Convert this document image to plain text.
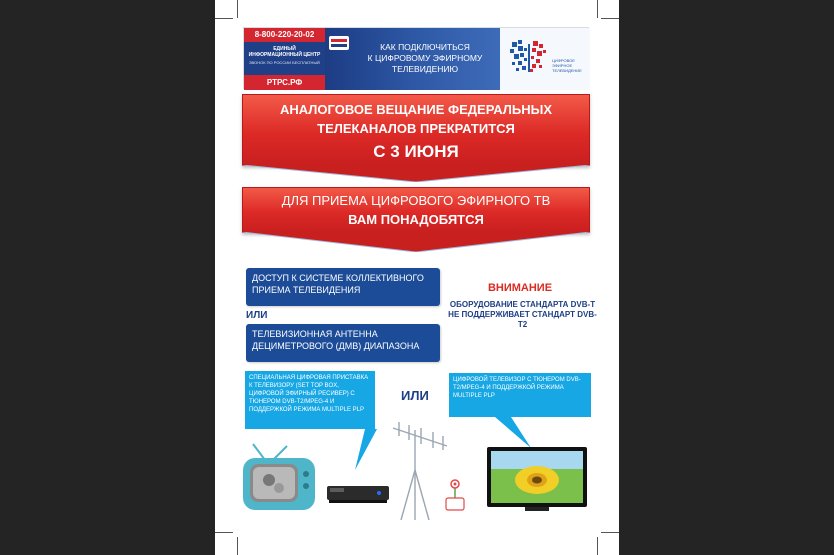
8-800-220-20-02
ЕДИНЫЙ ИНФОРМАЦИОННЫЙ ЦЕНТР
ЗВОНОК ПО РОССИИ БЕСПЛАТНЫЙ
РТРС.РФ
КАК ПОДКЛЮЧИТЬСЯ
К ЦИФРОВОМУ ЭФИРНОМУ
ТЕЛЕВИДЕНИЮ
ЦИФРОВОЕ
ЭФИРНОЕ
ТЕЛЕВИДЕНИЕ
АНАЛОГОВОЕ ВЕЩАНИЕ ФЕДЕРАЛЬНЫХ
ТЕЛЕКАНАЛОВ ПРЕКРАТИТСЯ
С 3 ИЮНЯ
ДЛЯ ПРИЕМА ЦИФРОВОГО ЭФИРНОГО ТВ
ВАМ ПОНАДОБЯТСЯ
ДОСТУП К СИСТЕМЕ КОЛЛЕКТИВНОГО ПРИЕМА ТЕЛЕВИДЕНИЯ
ИЛИ
ТЕЛЕВИЗИОННАЯ АНТЕННА ДЕЦИМЕТРОВОГО (ДМВ) ДИАПАЗОНА
ВНИМАНИЕ
ОБОРУДОВАНИЕ СТАНДАРТА DVB-T НЕ ПОДДЕРЖИВАЕТ СТАНДАРТ DVB-T2
СПЕЦИАЛЬНАЯ ЦИФРОВАЯ ПРИСТАВКА К ТЕЛЕВИЗОРУ (SET TOP BOX, ЦИФРОВОЙ ЭФИРНЫЙ РЕСИВЕР) С ТЮНЕРОМ DVB-T2/MPEG-4 И ПОДДЕРЖКОЙ РЕЖИМА MULTIPLE PLP
ИЛИ
ЦИФРОВОЙ ТЕЛЕВИЗОР С ТЮНЕРОМ DVB-T2/MPEG-4 И ПОДДЕРЖКОЙ РЕЖИМА MULTIPLE PLP
